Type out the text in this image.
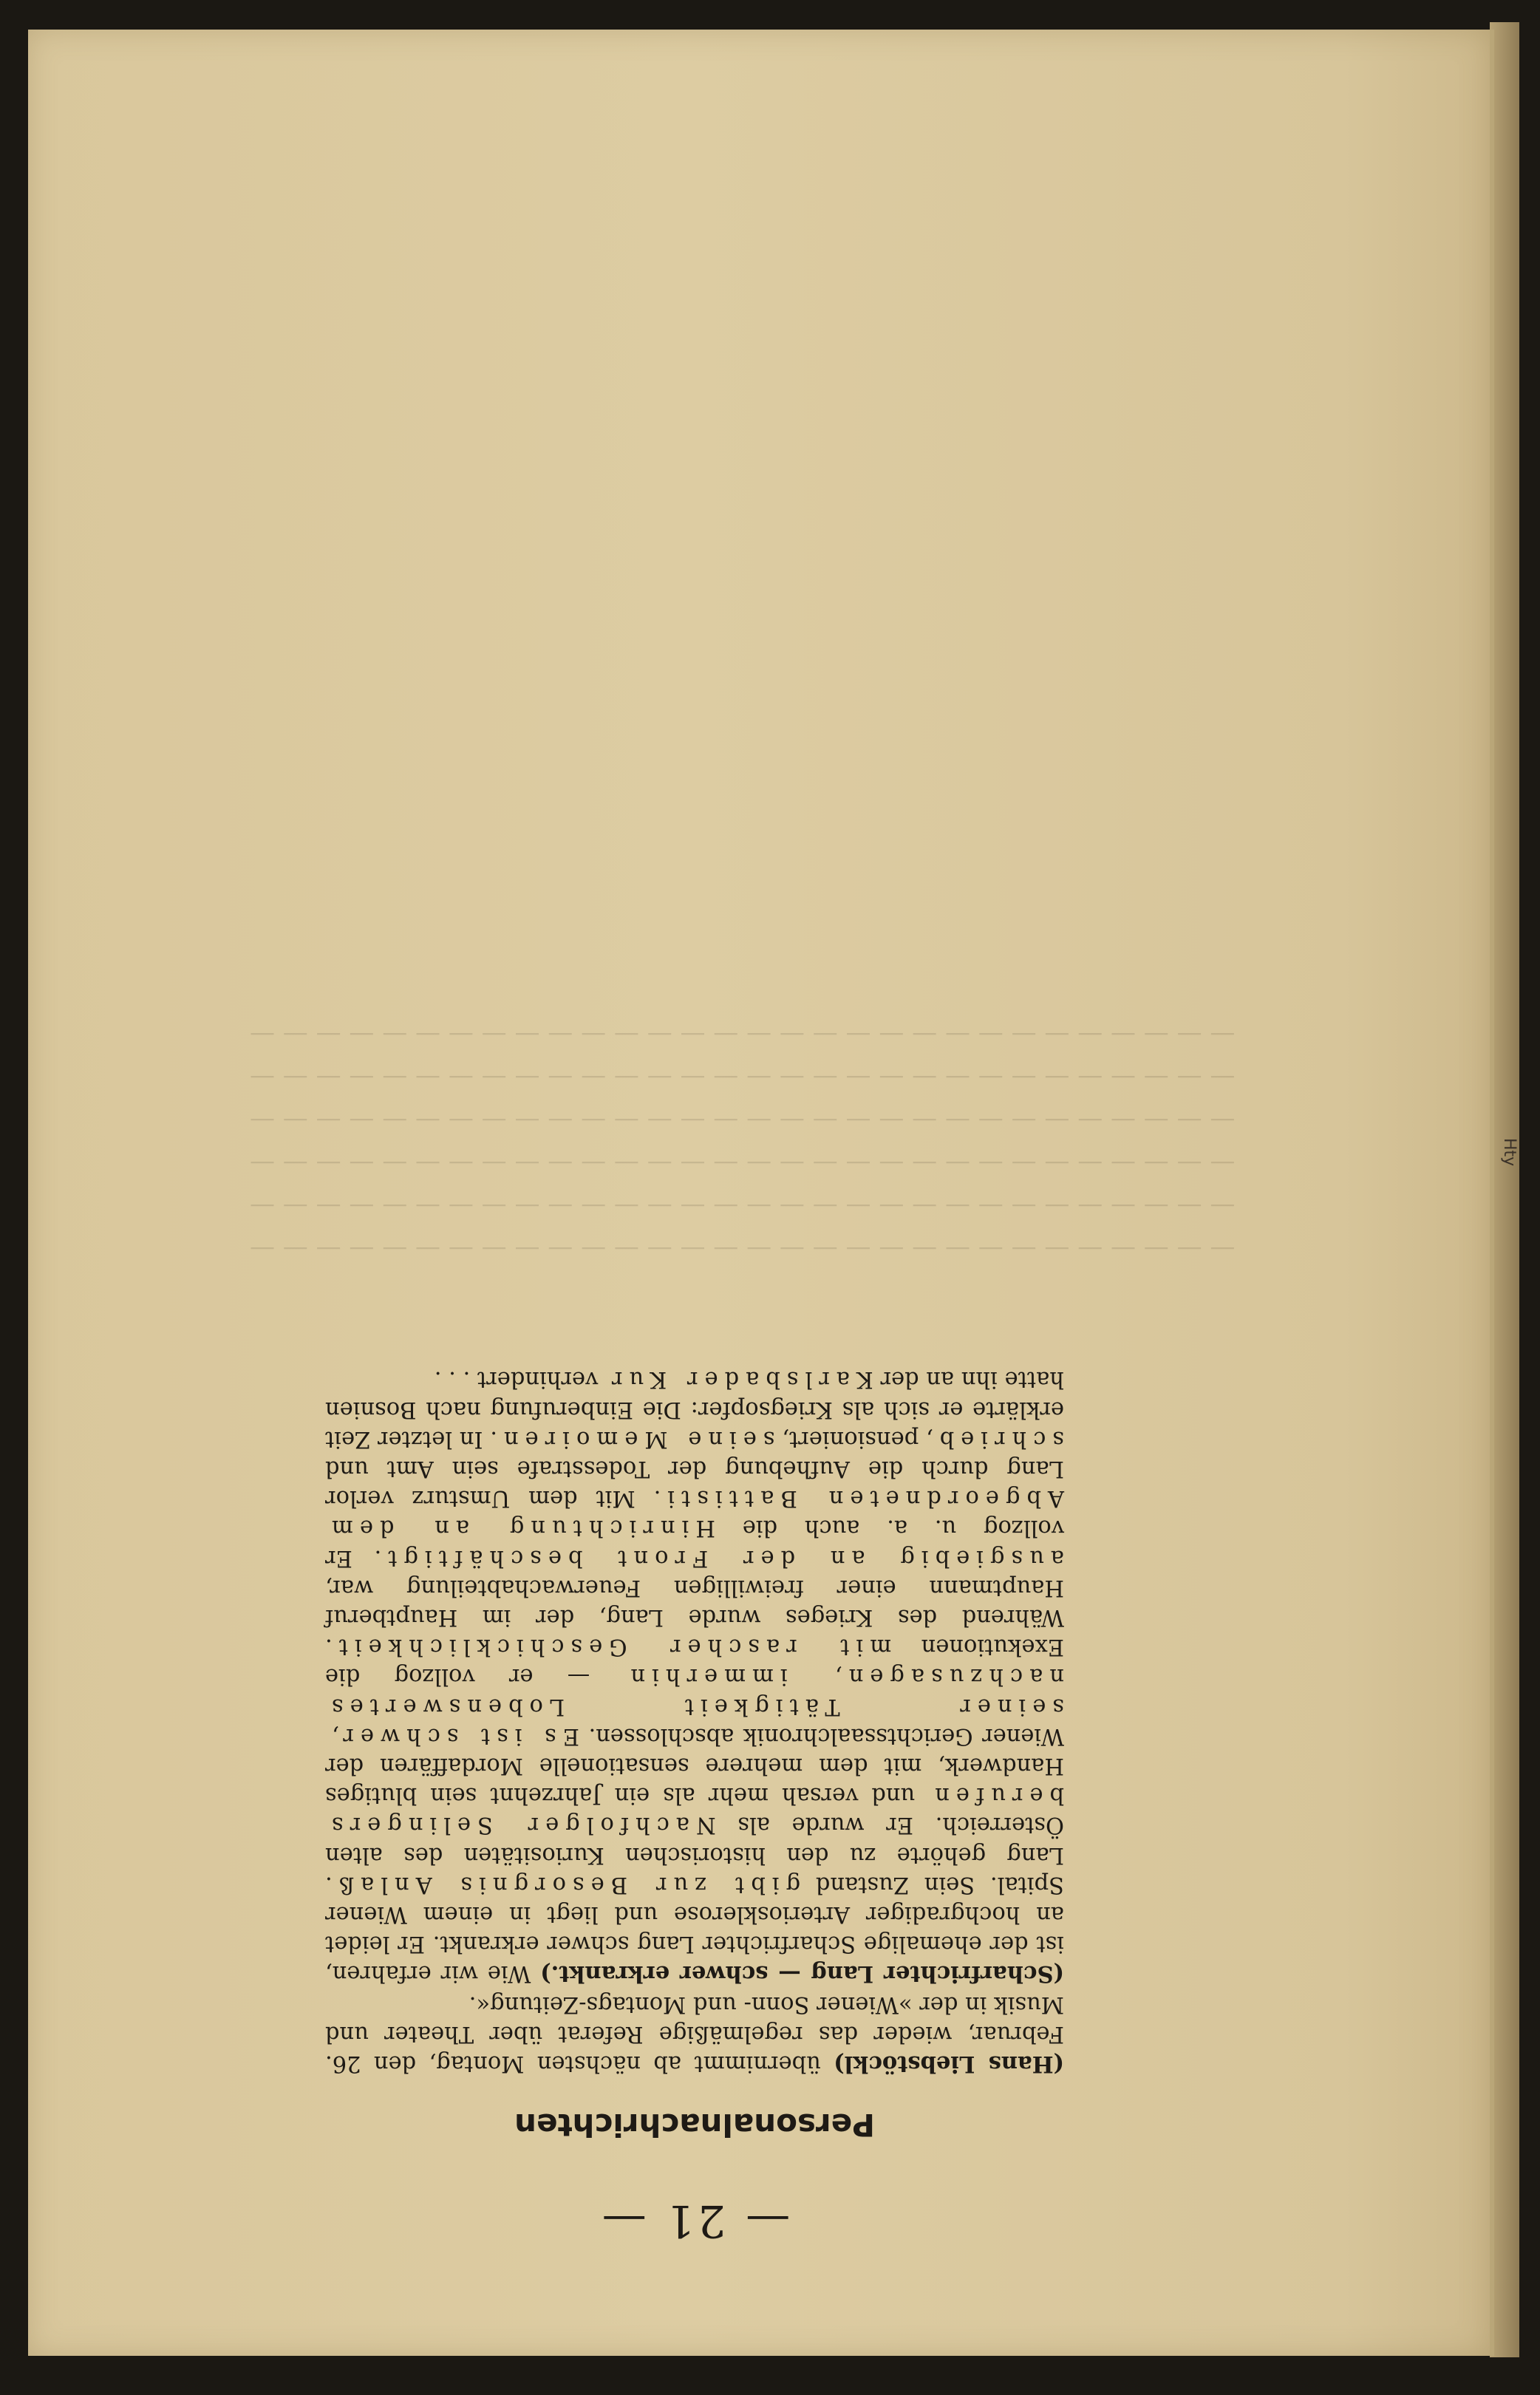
— — — — — — — — — — — — — — — — — — — — — — — — — — — — — —
— — — — — — — — — — — — — — — — — — — — — — — — — — — — — —
— — — — — — — — — — — — — — — — — — — — — — — — — — — — — —
— — — — — — — — — — — — — — — — — — — — — — — — — — — — — —
— — — — — — — — — — — — — — — — — — — — — — — — — — — — — —
— — — — — — — — — — — — — — — — — — — — — — — — — — — — — —
Hty
— 21 —
Personalnachrichten

(Hans Liebstöckl) übernimmt ab nächsten Montag, den 26. Februar, wieder das regelmäßige Referat über Theater und Musik in der »Wiener Sonn- und Montags-Zeitung«.

(Scharfrichter Lang — schwer erkrankt.) Wie wir erfahren, ist der ehemalige Scharfrichter Lang schwer erkrankt. Er leidet an hochgradiger Arteriosklerose und liegt in einem Wiener Spital. Sein Zustand gibt zur Besorgnis Anlaß. Lang gehörte zu den historischen Kuriositäten des alten Österreich. Er wurde als Nachfolger Selingers berufen und versah mehr als ein Jahrzehnt sein blutiges Handwerk, mit dem mehrere sensationelle Mordaffären der Wiener Gerichtssaalchronik abschlossen. Es ist schwer, seiner Tätigkeit Lobenswertes nachzusagen, immerhin — er vollzog die Exekutionen mit rascher Geschicklichkeit. Während des Krieges wurde Lang, der im Hauptberuf Hauptmann einer freiwilligen Feuerwachabteilung war, ausgiebig an der Front beschäftigt. Er vollzog u. a. auch die Hinrichtung an dem Abgeordneten Battisti. Mit dem Umsturz verlor Lang durch die Aufhebung der Todesstrafe sein Amt und schrieb, pensioniert, seine Memoiren. In letzter Zeit erklärte er sich als Kriegsopfer: Die Einberufung nach Bosnien hatte ihn an der Karlsbader Kur verhindert . . .
